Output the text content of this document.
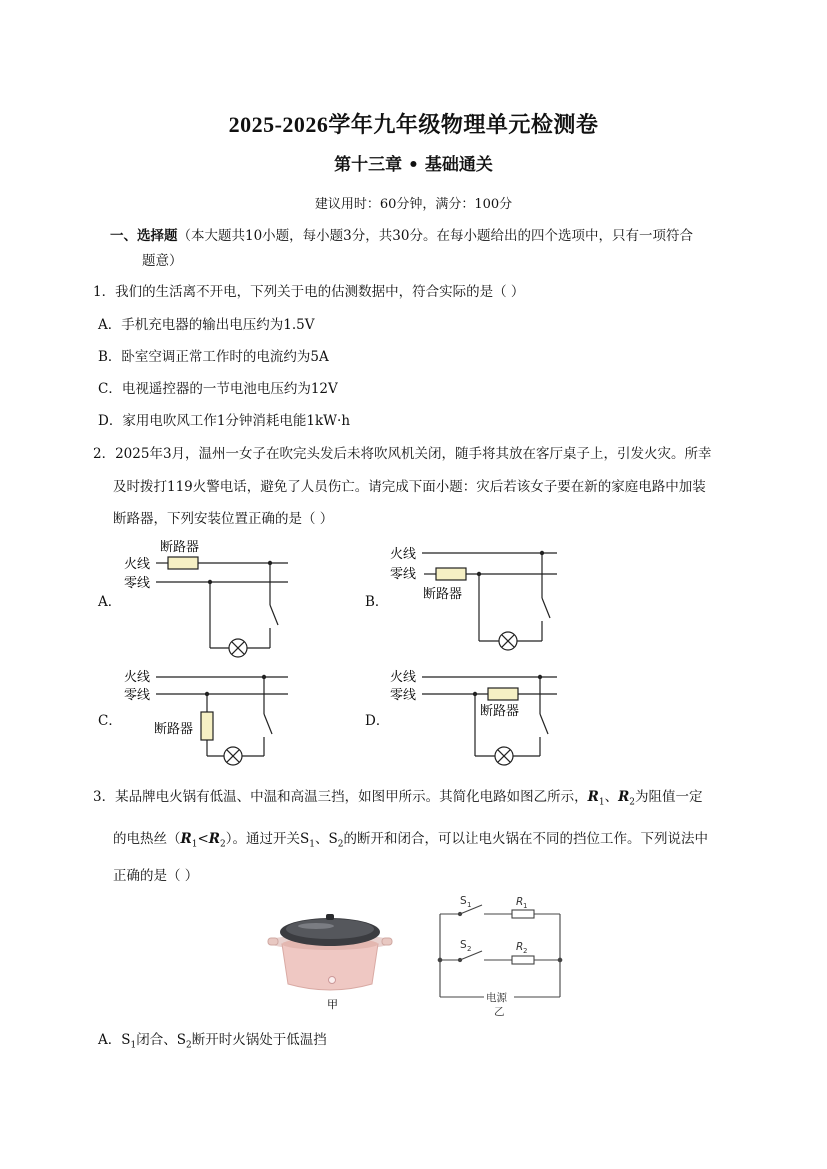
2025-2026学年九年级物理单元检测卷
第十三章 • 基础通关
建议用时：60分钟，满分：100分
一、选择题（本大题共10小题，每小题3分，共30分。在每小题给出的四个选项中，只有一项符合
题意）
1．我们的生活离不开电，下列关于电的估测数据中，符合实际的是（ ）
A．手机充电器的输出电压约为1.5V
B．卧室空调正常工作时的电流约为5A
C．电视遥控器的一节电池电压约为12V
D．家用电吹风工作1分钟消耗电能1kW·h
2．2025年3月，温州一女子在吹完头发后未将吹风机关闭，随手将其放在客厅桌子上，引发火灾。所幸
及时拨打119火警电话，避免了人员伤亡。请完成下面小题：灾后若该女子要在新的家庭电路中加装
断路器，下列安装位置正确的是（ ）
A．	B．
C．	D．
火线
零线
断路器	火线
零线
断路器
火线
零线
断路器
火线
零线
断路器
3．某品牌电火锅有低温、中温和高温三挡，如图甲所示。其简化电路如图乙所示，$R_1$、$R_2$为阻值一定
的电热丝$(R_1<R_2)$。通过开关$S_1$、$S_2$的断开和闭合，可以让电火锅在不同的挡位工作。下列说法中
正确的是（ ）
甲
S 1	R 1
S 2	R 2
电源
乙
A．$S_1$闭合、$S_2$断开时火锅处于低温挡
